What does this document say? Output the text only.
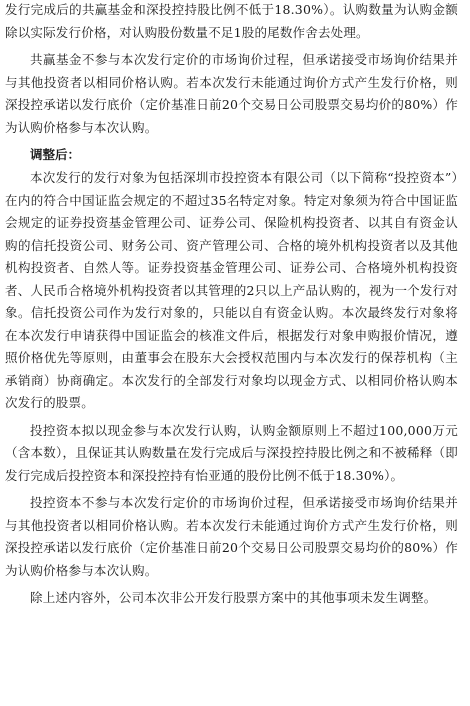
发行完成后的共赢基金和深投控持股比例不低于18.30%）。认购数量为认购金额除以实际发行价格，对认购股份数量不足1股的尾数作舍去处理。

共赢基金不参与本次发行定价的市场询价过程，但承诺接受市场询价结果并与其他投资者以相同价格认购。若本次发行未能通过询价方式产生发行价格，则深投控承诺以发行底价（定价基准日前20个交易日公司股票交易均价的80%）作为认购价格参与本次认购。

调整后：

本次发行的发行对象为包括深圳市投控资本有限公司（以下简称“投控资本”）在内的符合中国证监会规定的不超过35名特定对象。特定对象须为符合中国证监会规定的证券投资基金管理公司、证券公司、保险机构投资者、以其自有资金认购的信托投资公司、财务公司、资产管理公司、合格的境外机构投资者以及其他机构投资者、自然人等。证券投资基金管理公司、证券公司、合格境外机构投资者、人民币合格境外机构投资者以其管理的2只以上产品认购的，视为一个发行对象。信托投资公司作为发行对象的，只能以自有资金认购。本次最终发行对象将在本次发行申请获得中国证监会的核准文件后，根据发行对象申购报价情况，遵照价格优先等原则，由董事会在股东大会授权范围内与本次发行的保荐机构（主承销商）协商确定。本次发行的全部发行对象均以现金方式、以相同价格认购本次发行的股票。

投控资本拟以现金参与本次发行认购，认购金额原则上不超过100,000万元（含本数），且保证其认购数量在发行完成后与深投控持股比例之和不被稀释（即发行完成后投控资本和深投控持有怡亚通的股份比例不低于18.30%）。

投控资本不参与本次发行定价的市场询价过程，但承诺接受市场询价结果并与其他投资者以相同价格认购。若本次发行未能通过询价方式产生发行价格，则深投控承诺以发行底价（定价基准日前20个交易日公司股票交易均价的80%）作为认购价格参与本次认购。

除上述内容外，公司本次非公开发行股票方案中的其他事项未发生调整。
